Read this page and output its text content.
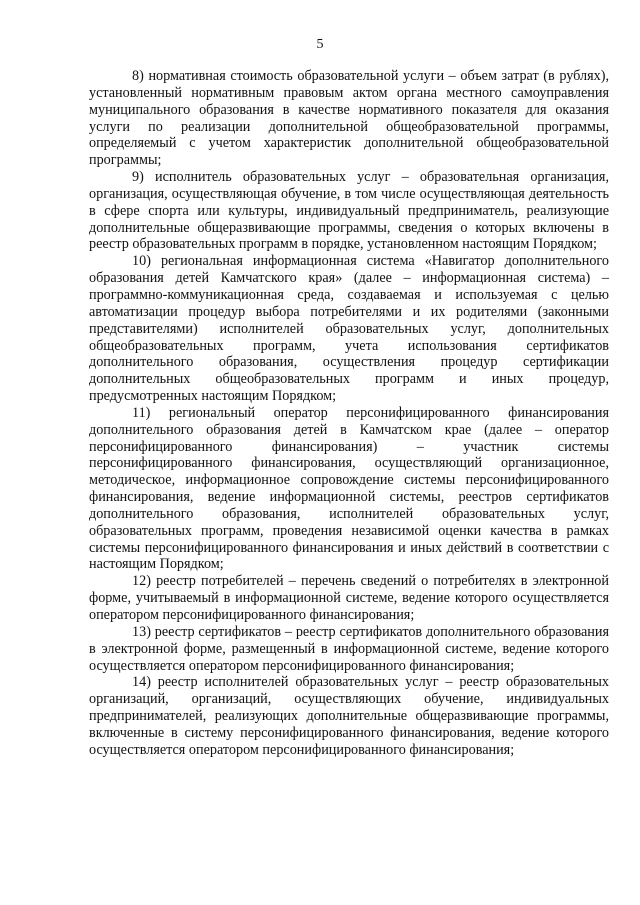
5

8) нормативная стоимость образовательной услуги – объем затрат (в рублях), установленный нормативным правовым актом органа местного самоуправления муниципального образования в качестве нормативного показателя для оказания услуги по реализации дополнительной общеобразовательной программы, определяемый с учетом характеристик дополнительной общеобразовательной программы;

9) исполнитель образовательных услуг – образовательная организация, организация, осуществляющая обучение, в том числе осуществляющая деятельность в сфере спорта или культуры, индивидуальный предприниматель, реализующие дополнительные общеразвивающие программы, сведения о которых включены в реестр образовательных программ в порядке, установленном настоящим Порядком;

10) региональная информационная система «Навигатор дополнительного образования детей Камчатского края» (далее – информационная система) – программно-коммуникационная среда, создаваемая и используемая с целью автоматизации процедур выбора потребителями и их родителями (законными представителями) исполнителей образовательных услуг, дополнительных общеобразовательных программ, учета использования сертификатов дополнительного образования, осуществления процедур сертификации дополнительных общеобразовательных программ и иных процедур, предусмотренных настоящим Порядком;

11) региональный оператор персонифицированного финансирования дополнительного образования детей в Камчатском крае (далее – оператор персонифицированного финансирования) – участник системы персонифицированного финансирования, осуществляющий организационное, методическое, информационное сопровождение системы персонифицированного финансирования, ведение информационной системы, реестров сертификатов дополнительного образования, исполнителей образовательных услуг, образовательных программ, проведения независимой оценки качества в рамках системы персонифицированного финансирования и иных действий в соответствии с настоящим Порядком;

12) реестр потребителей – перечень сведений о потребителях в электронной форме, учитываемый в информационной системе, ведение которого осуществляется оператором персонифицированного финансирования;

13) реестр сертификатов – реестр сертификатов дополнительного образования в электронной форме, размещенный в информационной системе, ведение которого осуществляется оператором персонифицированного финансирования;

14) реестр исполнителей образовательных услуг – реестр образовательных организаций, организаций, осуществляющих обучение, индивидуальных предпринимателей, реализующих дополнительные общеразвивающие программы, включенные в систему персонифицированного финансирования, ведение которого осуществляется оператором персонифицированного финансирования;
